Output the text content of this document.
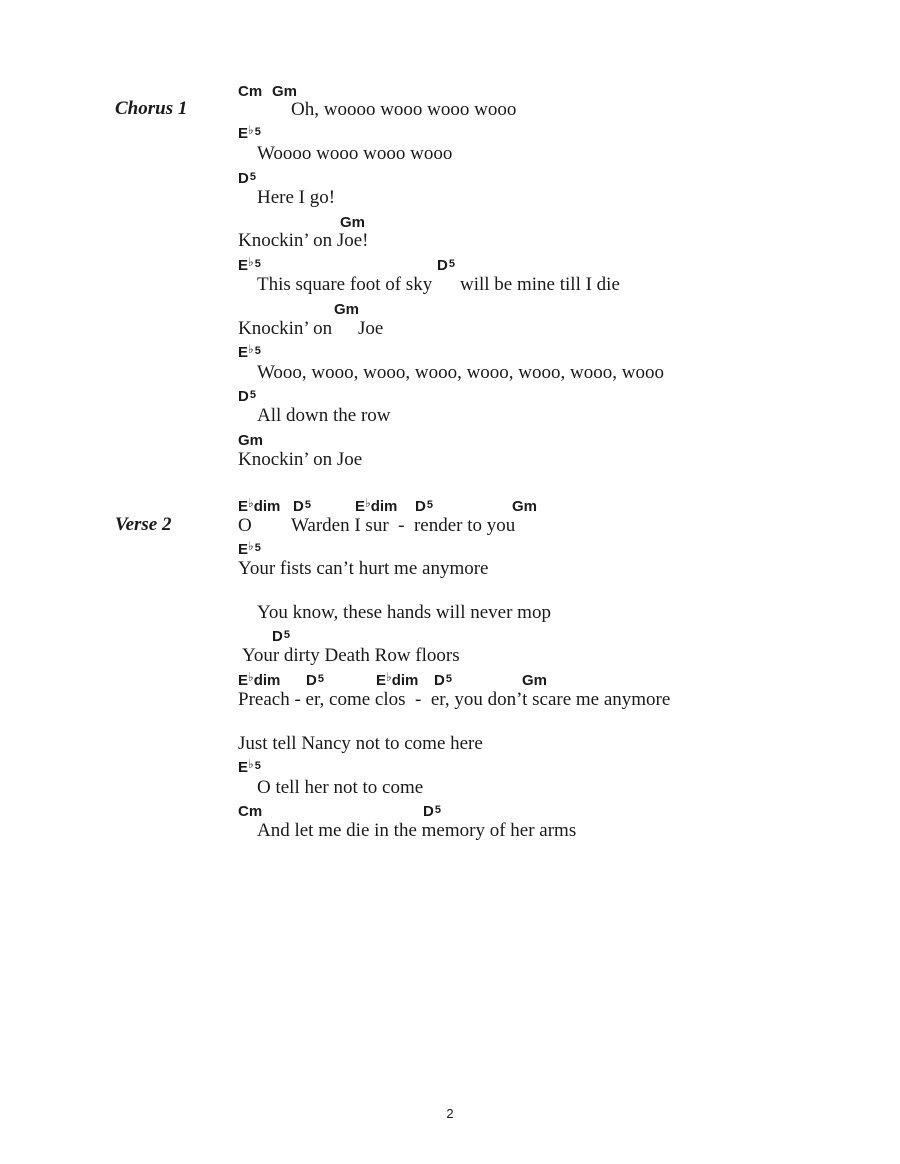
Chorus 1
Cm Gm
Oh, woooo wooo wooo wooo
$E^{♭5}$
Woooo wooo wooo wooo
$D^5$
Here I go!
Gm
Knockin’ on Joe!
$E^{♭5}$	$D^5$
This square foot of sky will be mine till I die
Gm
Knockin’ on Joe
$E^{♭5}$
Wooo, wooo, wooo, wooo, wooo, wooo, wooo, wooo
$D^5$
All down the row
Gm
Knockin’ on Joe
Verse 2
E♭dim $D^5$	E♭dim $D^5$	Gm
O Warden I sur  -  render to you
$E^{♭5}$
Your fists can’t hurt me anymore
You know, these hands will never mop
$D^5$
Your dirty Death Row floors
E♭dim $D^5$	E♭dim $D^5$	Gm
Preach - er, come clos  -  er, you don’t scare me anymore
Just tell Nancy not to come here
$E^{♭5}$
O tell her not to come
Cm	$D^5$
And let me die in the memory of her arms
2
